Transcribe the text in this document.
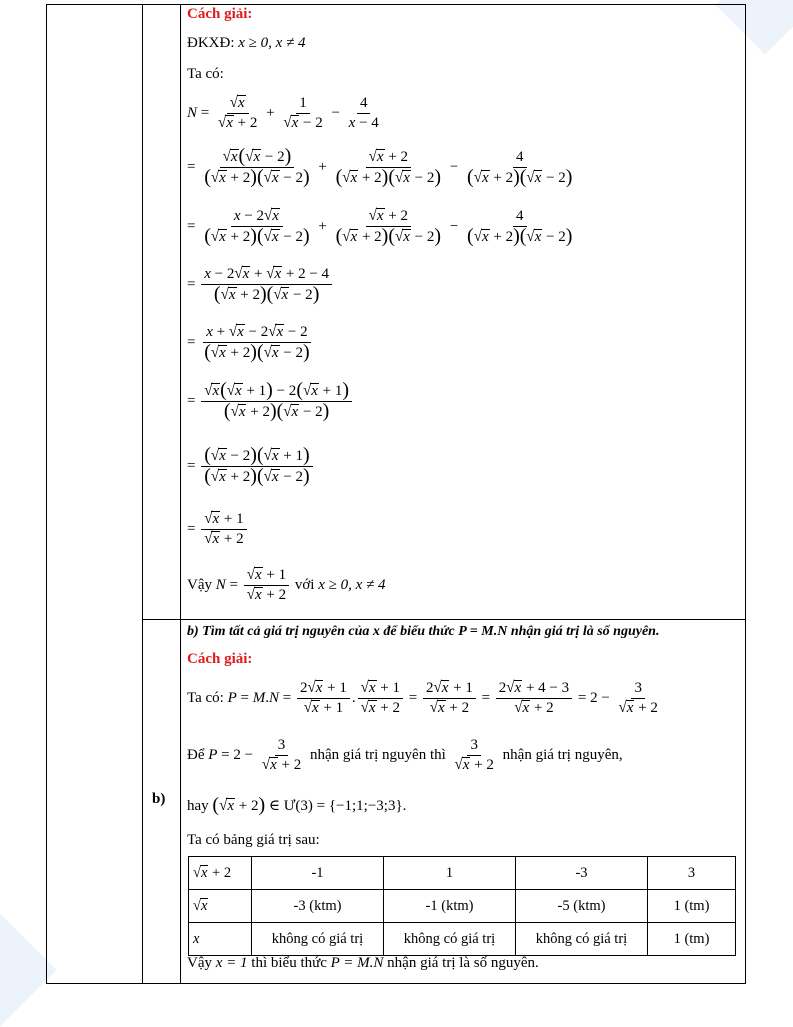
Cách giải:
ĐKXĐ: x ≥ 0, x ≠ 4
Ta có:
$N = \frac{√x}{√x + 2} + \frac{1}{√x - 2} - \frac{4}{x - 4}$
= $\frac{√x(√x - 2)}{(√x + 2)(√x - 2)} + \frac{√x + 2}{(√x + 2)(√x - 2)} - \frac{4}{(√x + 2)(√x - 2)}$
= $\frac{x - 2√x}{(√x + 2)(√x - 2)} + \frac{√x + 2}{(√x + 2)(√x - 2)} - \frac{4}{(√x + 2)(√x - 2)}$
= $\frac{x - 2√x + √x + 2 - 4}{(√x + 2)(√x - 2)}$
= $\frac{x + √x - 2√x - 2}{(√x + 2)(√x - 2)}$
= $\frac{√x(√x + 1) - 2(√x + 1)}{(√x + 2)(√x - 2)}$
= $\frac{(√x - 2)(√x + 1)}{(√x + 2)(√x - 2)}$
= $\frac{√x + 1}{√x + 2}$
Vậy $N = \frac{√x + 1}{√x + 2}$ với x ≥ 0, x ≠ 4
b)
b) Tìm tất cả giá trị nguyên của x để biểu thức P = M.N nhận giá trị là số nguyên.
Cách giải:
Ta có: $P = M.N = \frac{2√x + 1}{√x + 1}$ . $\frac{√x + 1}{√x + 2} = \frac{2√x + 1}{√x + 2} = \frac{2√x + 4 - 3}{√x + 2} = 2 - \frac{3}{√x + 2}$
Để $P = 2 - \frac{3}{√x + 2}$ nhận giá trị nguyên thì $\frac{3}{√x + 2}$ nhận giá trị nguyên,
hay (√x + 2) ∈ Ư(3) = {−1;1;−3;3}.
Ta có bảng giá trị sau:
√x + 2	-1	1	-3	3
√x	-3 (ktm)	-1 (ktm)	-5 (ktm)	1 (tm)
x	không có giá trị	không có giá trị	không có giá trị	1 (tm)
Vậy x = 1 thì biểu thức P = M.N nhận giá trị là số nguyên.
